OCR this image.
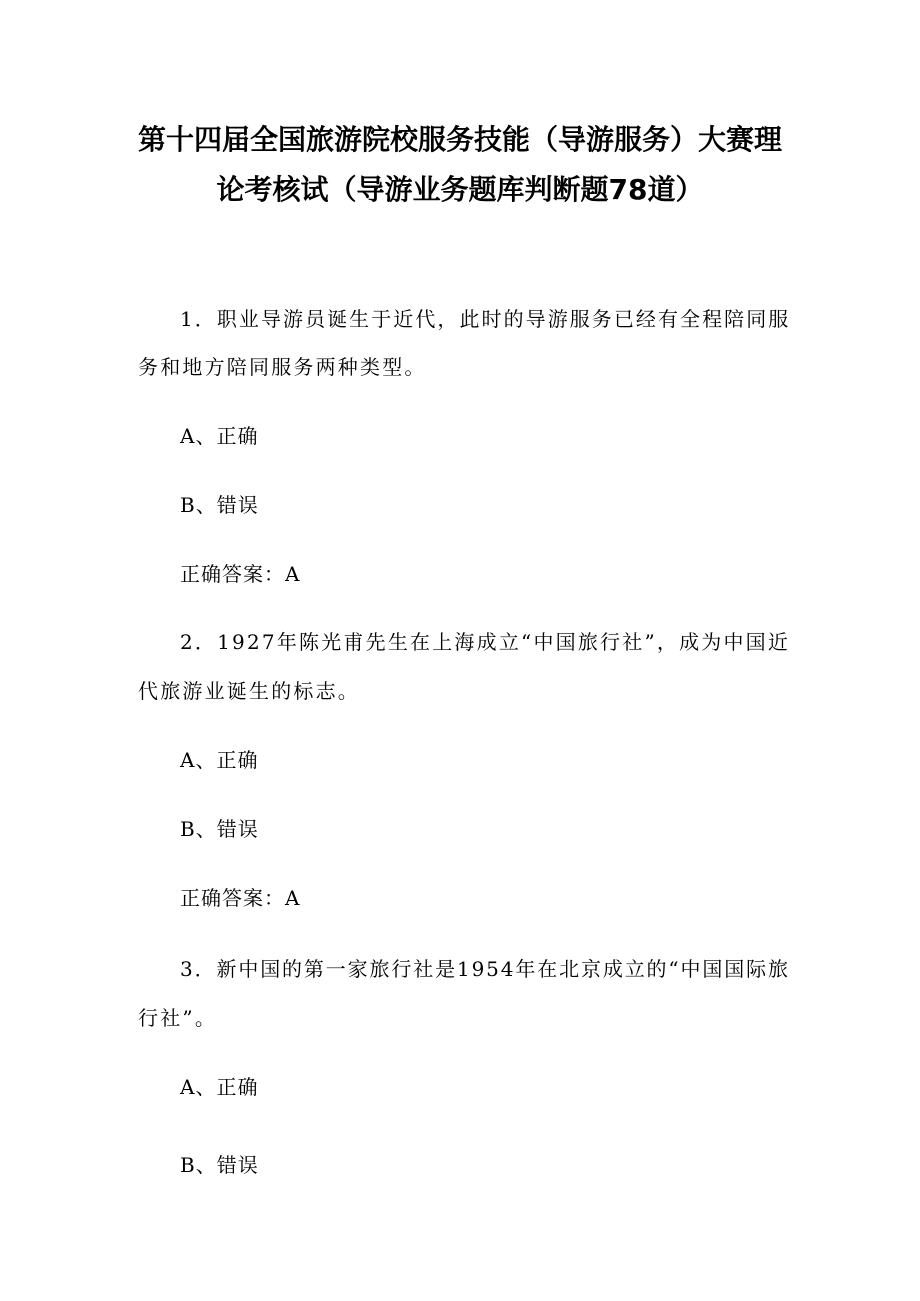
第十四届全国旅游院校服务技能（导游服务）大赛理
论考核试（导游业务题库判断题78道）
1．职业导游员诞生于近代，此时的导游服务已经有全程陪同服
务和地方陪同服务两种类型。
A、正确
B、错误
正确答案：A
2．1927年陈光甫先生在上海成立“中国旅行社”，成为中国近
代旅游业诞生的标志。
A、正确
B、错误
正确答案：A
3．新中国的第一家旅行社是1954年在北京成立的“中国国际旅
行社”。
A、正确
B、错误
